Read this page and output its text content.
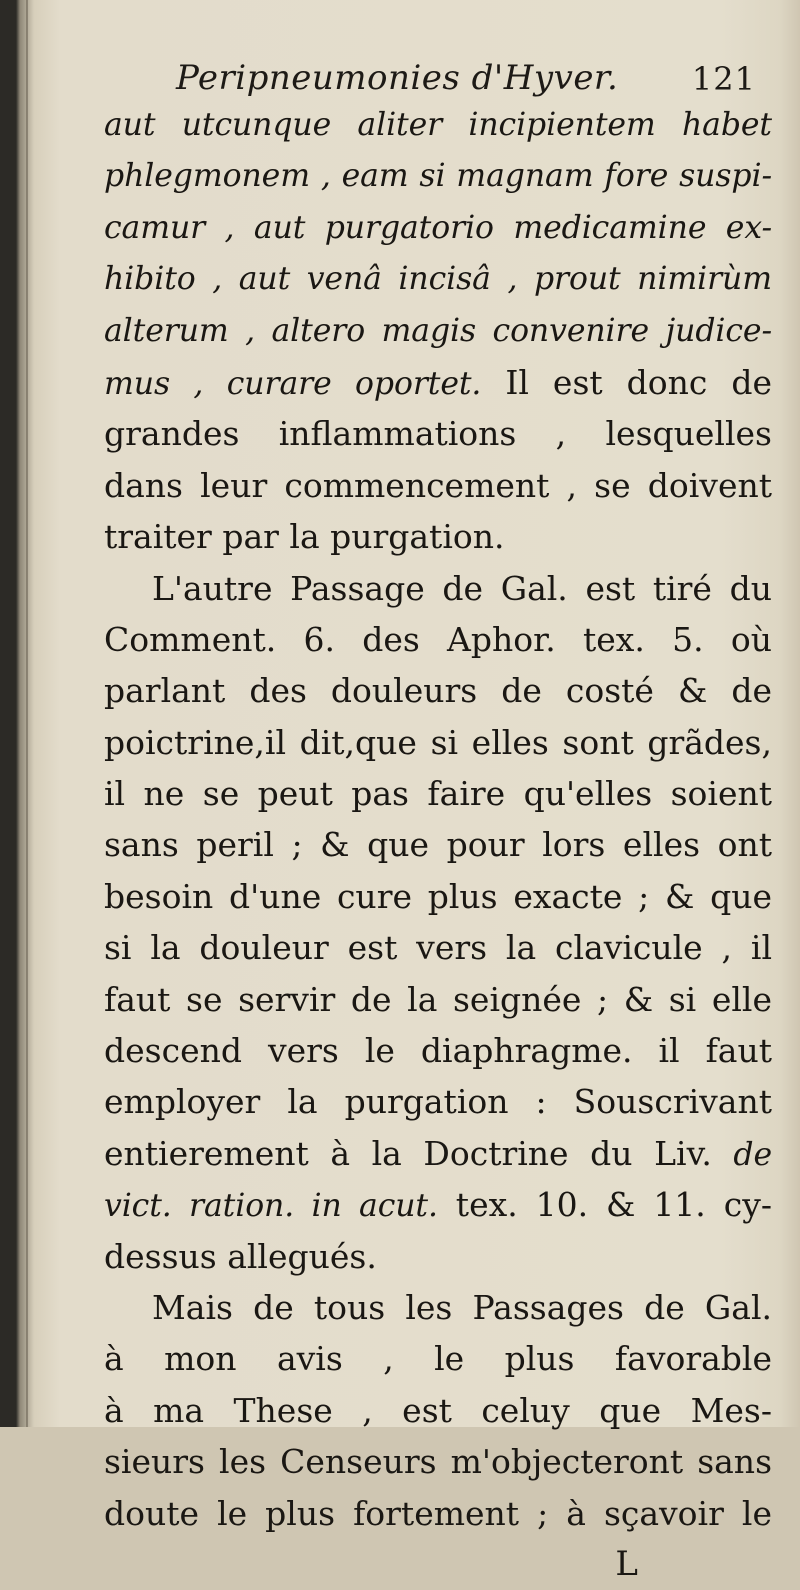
Peripneumonies d'Hyver. 121
aut utcunque aliter incipientem habet
phlegmonem , eam si magnam fore suspi-
camur , aut purgatorio medicamine ex-
hibito , aut venâ incisâ , prout nimirùm
alterum , altero magis convenire judice-
mus , curare oportet. Il est donc de
grandes inflammations , lesquelles
dans leur commencement , se doivent
traiter par la purgation.
L'autre Passage de Gal. est tiré du
Comment. 6. des Aphor. tex. 5. où
parlant des douleurs de costé & de
poictrine,il dit,que si elles sont grãdes,
il ne se peut pas faire qu'elles soient
sans peril ; & que pour lors elles ont
besoin d'une cure plus exacte ; & que
si la douleur est vers la clavicule , il
faut se servir de la seignée ; & si elle
descend vers le diaphragme. il faut
employer la purgation : Souscrivant
entierement à la Doctrine du Liv. de
vict. ration. in acut. tex. 10. & 11. cy-
dessus allegués.
Mais de tous les Passages de Gal.
à mon avis , le plus favorable
à ma These , est celuy que Mes-
sieurs les Censeurs m'objecteront sans
doute le plus fortement ; à sçavoir le
L
